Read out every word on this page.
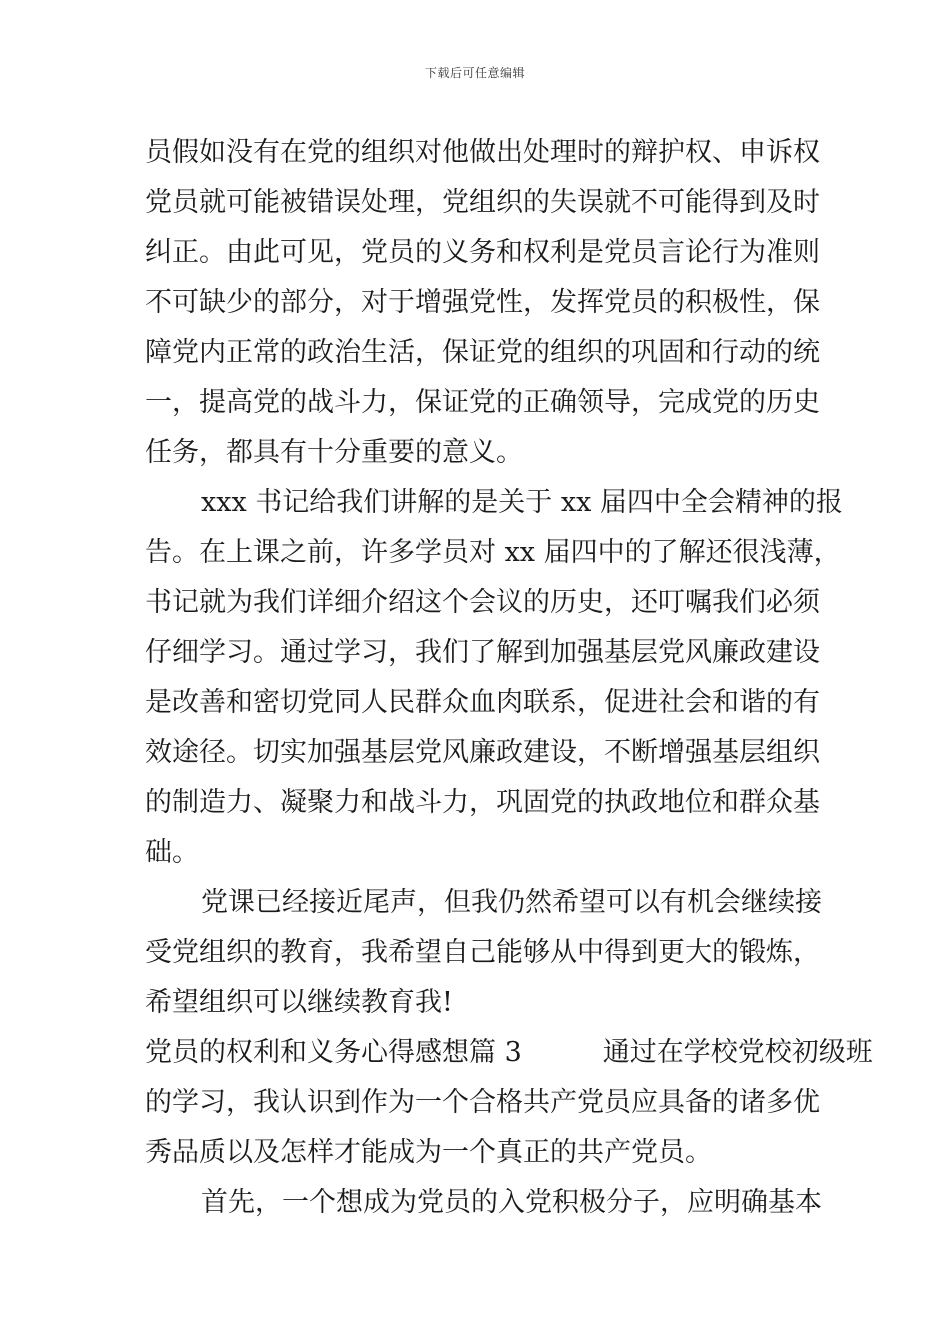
下载后可任意编辑
员假如没有在党的组织对他做出处理时的辩护权、申诉权
党员就可能被错误处理，党组织的失误就不可能得到及时
纠正。由此可见，党员的义务和权利是党员言论行为准则
不可缺少的部分，对于增强党性，发挥党员的积极性，保
障党内正常的政治生活，保证党的组织的巩固和行动的统
一，提高党的战斗力，保证党的正确领导，完成党的历史
任务，都具有十分重要的意义。
xxx 书记给我们讲解的是关于 xx 届四中全会精神的报
告。在上课之前，许多学员对 xx 届四中的了解还很浅薄，
书记就为我们详细介绍这个会议的历史，还叮嘱我们必须
仔细学习。通过学习，我们了解到加强基层党风廉政建设
是改善和密切党同人民群众血肉联系，促进社会和谐的有
效途径。切实加强基层党风廉政建设，不断增强基层组织
的制造力、凝聚力和战斗力，巩固党的执政地位和群众基
础。
党课已经接近尾声，但我仍然希望可以有机会继续接
受党组织的教育，我希望自己能够从中得到更大的锻炼，
希望组织可以继续教育我!
党员的权利和义务心得感想篇 3　　　通过在学校党校初级班
的学习，我认识到作为一个合格共产党员应具备的诸多优
秀品质以及怎样才能成为一个真正的共产党员。
首先，一个想成为党员的入党积极分子，应明确基本
